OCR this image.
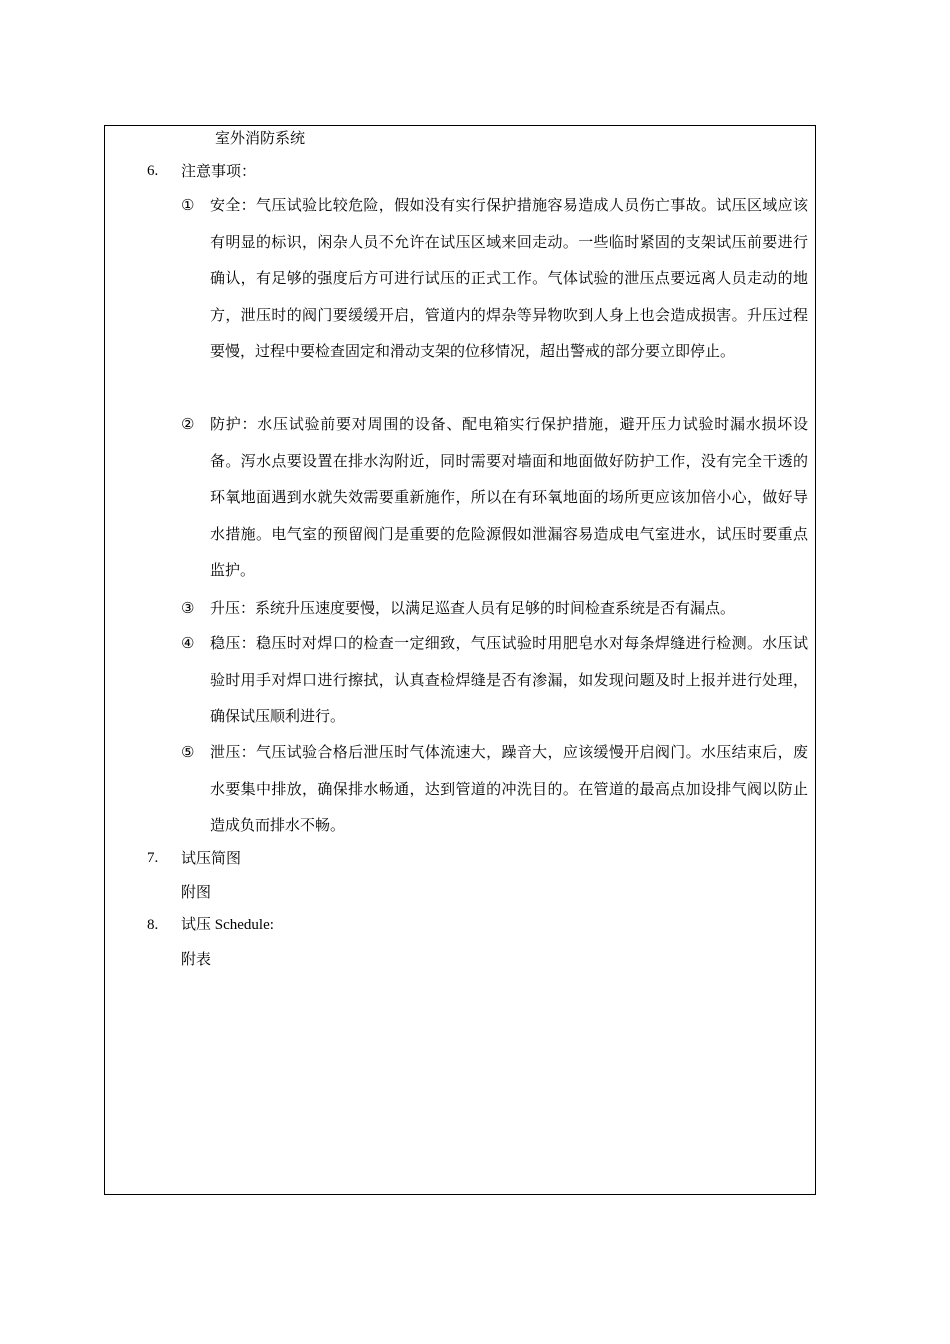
室外消防系统
6. 注意事项：
① 安全：气压试验比较危险，假如没有实行保护措施容易造成人员伤亡事故。试压区域应该有明显的标识，闲杂人员不允许在试压区域来回走动。一些临时紧固的支架试压前要进行确认，有足够的强度后方可进行试压的正式工作。气体试验的泄压点要远离人员走动的地方，泄压时的阀门要缓缓开启，管道内的焊杂等异物吹到人身上也会造成损害。升压过程要慢，过程中要检查固定和滑动支架的位移情况，超出警戒的部分要立即停止。
② 防护：水压试验前要对周围的设备、配电箱实行保护措施，避开压力试验时漏水损坏设备。泻水点要设置在排水沟附近，同时需要对墙面和地面做好防护工作，没有完全干透的环氧地面遇到水就失效需要重新施作，所以在有环氧地面的场所更应该加倍小心，做好导水措施。电气室的预留阀门是重要的危险源假如泄漏容易造成电气室进水，试压时要重点监护。
③ 升压：系统升压速度要慢，以满足巡查人员有足够的时间检查系统是否有漏点。
④ 稳压：稳压时对焊口的检查一定细致，气压试验时用肥皂水对每条焊缝进行检测。水压试验时用手对焊口进行擦拭，认真查检焊缝是否有渗漏，如发现问题及时上报并进行处理，确保试压顺利进行。
⑤ 泄压：气压试验合格后泄压时气体流速大，躁音大，应该缓慢开启阀门。水压结束后，废水要集中排放，确保排水畅通，达到管道的冲洗目的。在管道的最高点加设排气阀以防止造成负而排水不畅。
7. 试压简图
附图
8. 试压 Schedule:
附表
